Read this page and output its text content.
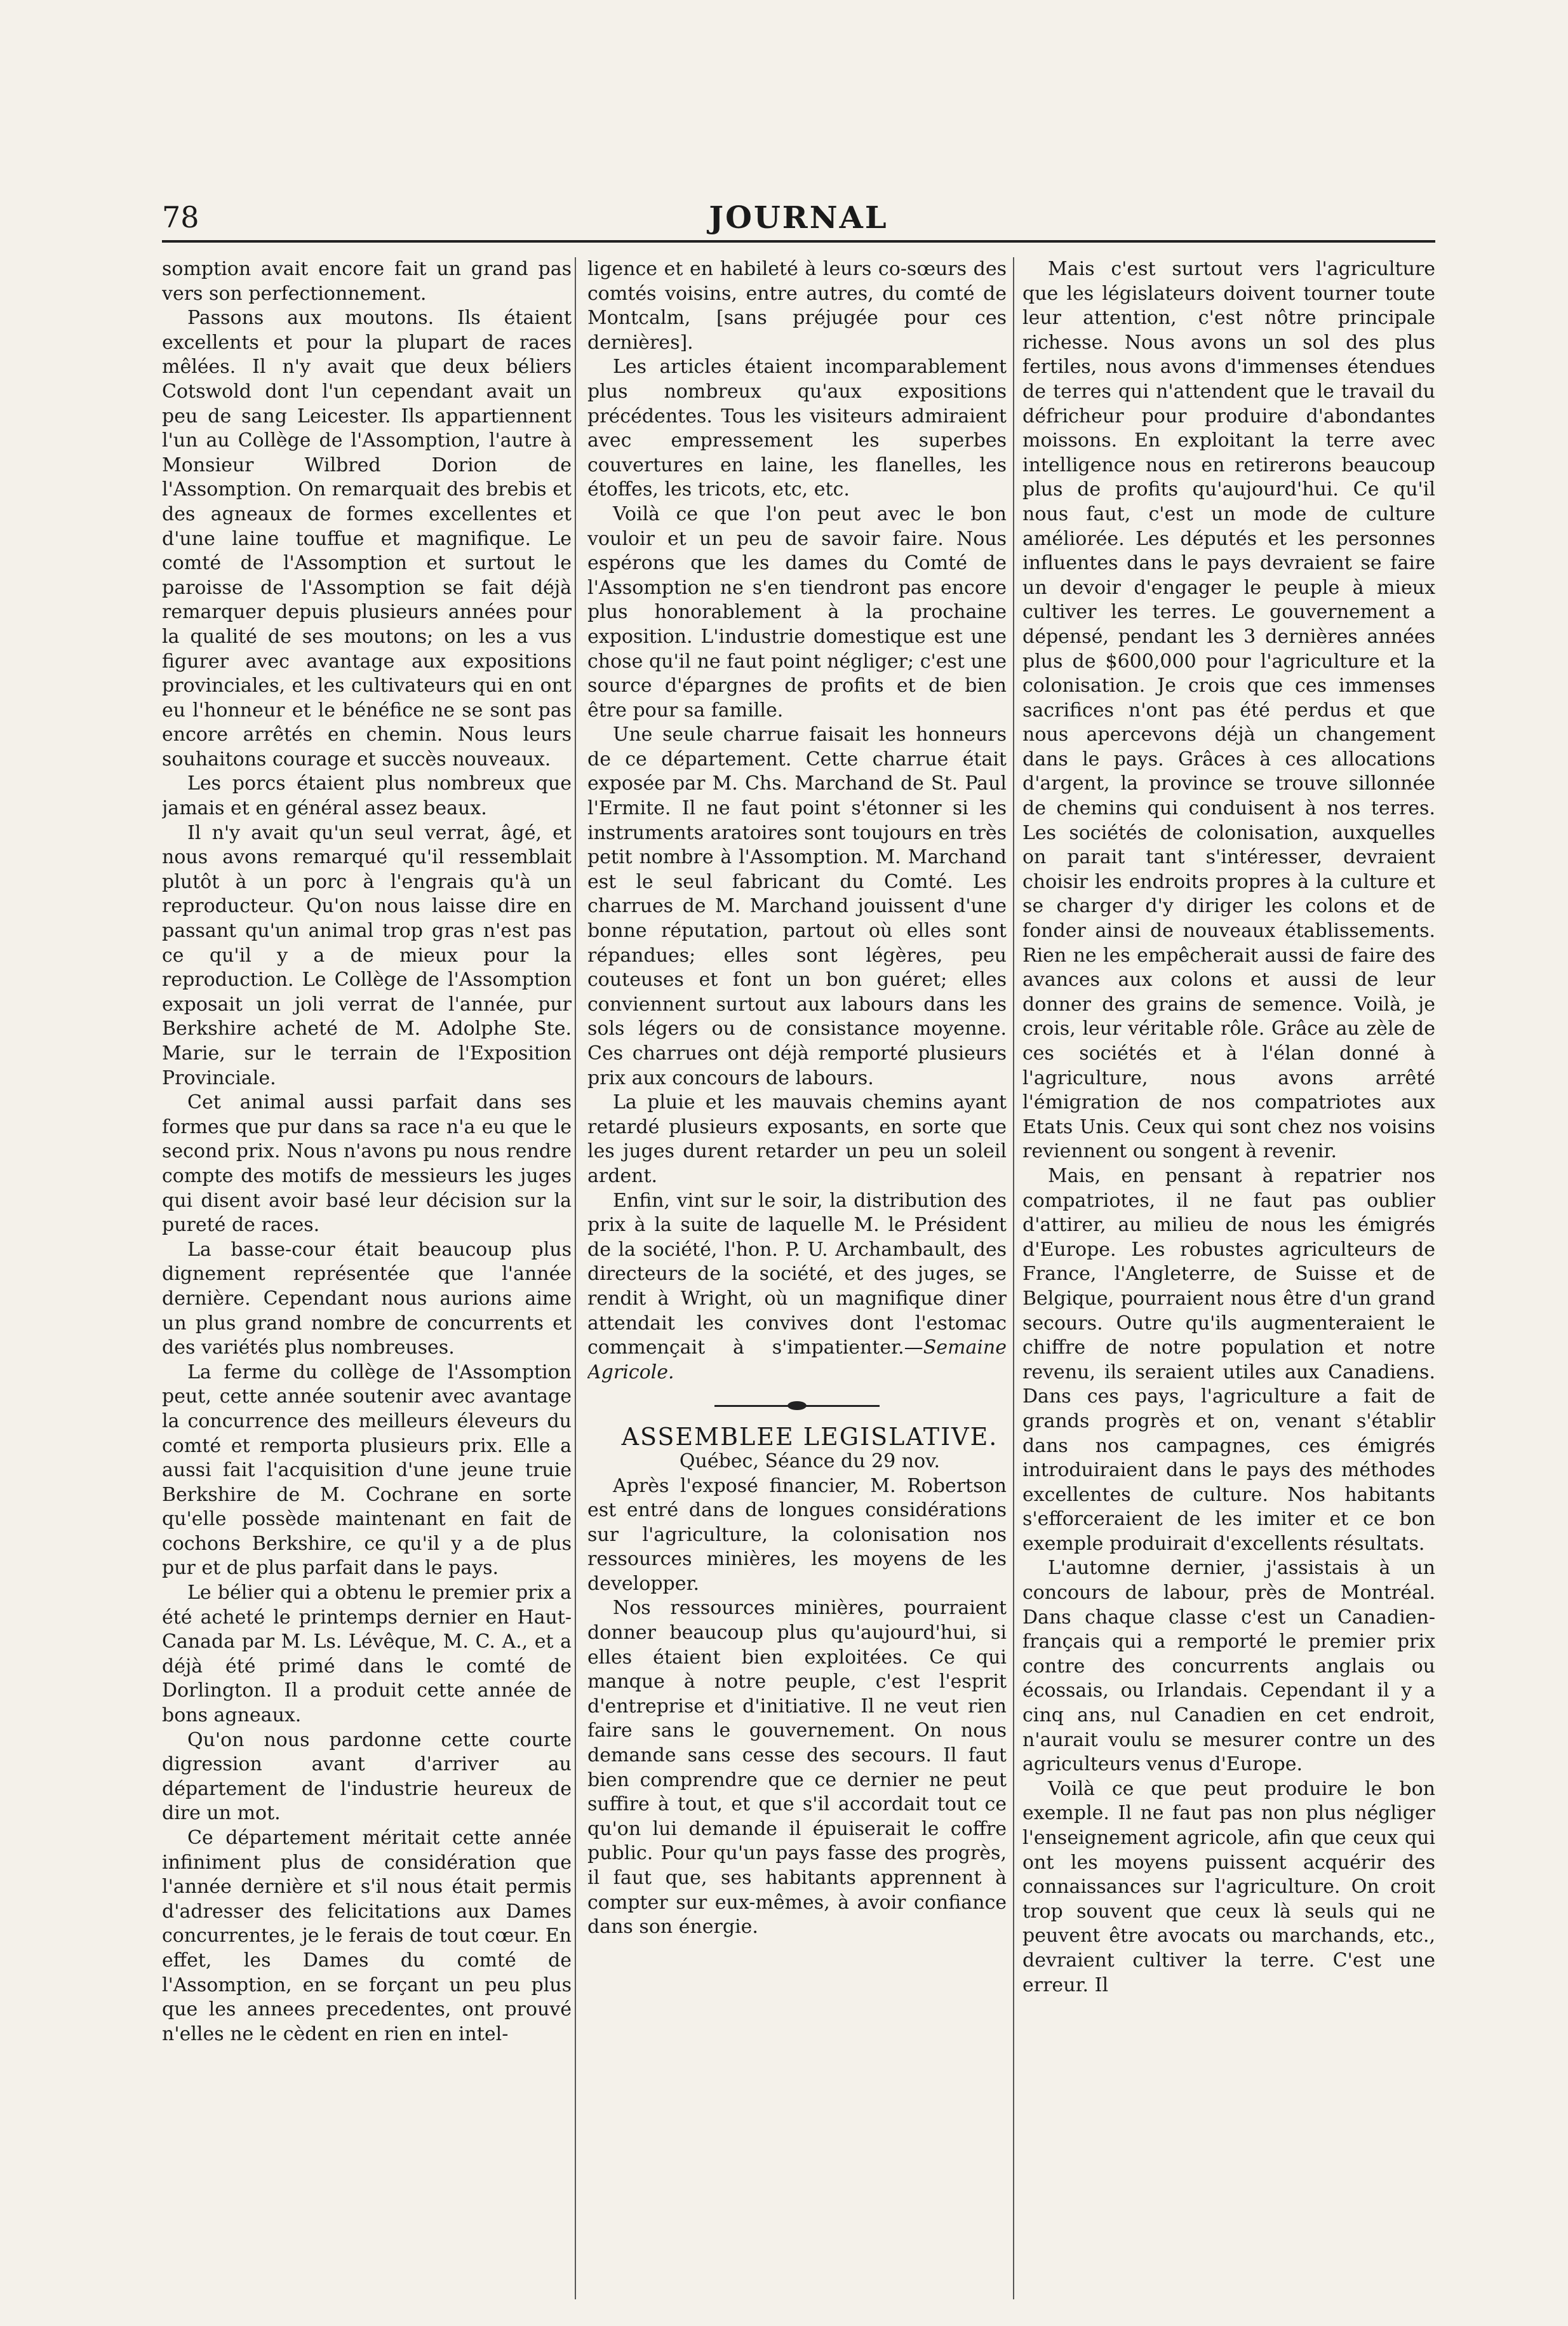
78	JOURNAL

somption avait encore fait un grand pas vers son perfectionnement.

Passons aux moutons. Ils étaient excellents et pour la plupart de races mêlées. Il n'y avait que deux béliers Cotswold dont l'un cependant avait un peu de sang Leicester. Ils appartiennent l'un au Collège de l'Assomption, l'autre à Monsieur Wilbred Dorion de l'Assomption. On remarquait des brebis et des agneaux de formes excellentes et d'une laine touffue et magnifique. Le comté de l'Assomption et surtout le paroisse de l'Assomption se fait déjà remarquer depuis plusieurs années pour la qualité de ses moutons; on les a vus figurer avec avantage aux expositions provinciales, et les cultivateurs qui en ont eu l'honneur et le bénéfice ne se sont pas encore arrêtés en chemin. Nous leurs souhaitons courage et succès nouveaux.

Les porcs étaient plus nombreux que jamais et en général assez beaux.

Il n'y avait qu'un seul verrat, âgé, et nous avons remarqué qu'il ressemblait plutôt à un porc à l'engrais qu'à un reproducteur. Qu'on nous laisse dire en passant qu'un animal trop gras n'est pas ce qu'il y a de mieux pour la reproduction. Le Collège de l'Assomption exposait un joli verrat de l'année, pur Berkshire acheté de M. Adolphe Ste. Marie, sur le terrain de l'Exposition Provinciale.

Cet animal aussi parfait dans ses formes que pur dans sa race n'a eu que le second prix. Nous n'avons pu nous rendre compte des motifs de messieurs les juges qui disent avoir basé leur décision sur la pureté de races.

La basse-cour était beaucoup plus dignement représentée que l'année dernière. Cependant nous aurions aime un plus grand nombre de concurrents et des variétés plus nombreuses.

La ferme du collège de l'Assomption peut, cette année soutenir avec avantage la concurrence des meilleurs éleveurs du comté et remporta plusieurs prix. Elle a aussi fait l'acquisition d'une jeune truie Berkshire de M. Cochrane en sorte qu'elle possède maintenant en fait de cochons Berkshire, ce qu'il y a de plus pur et de plus parfait dans le pays.

Le bélier qui a obtenu le premier prix a été acheté le printemps dernier en Haut-Canada par M. Ls. Lévêque, M. C. A., et a déjà été primé dans le comté de Dorlington. Il a produit cette année de bons agneaux.

Qu'on nous pardonne cette courte digression avant d'arriver au département de l'industrie heureux de dire un mot.

Ce département méritait cette année infiniment plus de considération que l'année dernière et s'il nous était permis d'adresser des felicitations aux Dames concurrentes, je le ferais de tout cœur. En effet, les Dames du comté de l'Assomption, en se forçant un peu plus que les annees precedentes, ont prouvé n'elles ne le cèdent en rien en intel-

ligence et en habileté à leurs co-sœurs des comtés voisins, entre autres, du comté de Montcalm, [sans préjugée pour ces dernières].

Les articles étaient incomparablement plus nombreux qu'aux expositions précédentes. Tous les visiteurs admiraient avec empressement les superbes couvertures en laine, les flanelles, les étoffes, les tricots, etc, etc.

Voilà ce que l'on peut avec le bon vouloir et un peu de savoir faire. Nous espérons que les dames du Comté de l'Assomption ne s'en tiendront pas encore plus honorablement à la prochaine exposition. L'industrie domestique est une chose qu'il ne faut point négliger; c'est une source d'épargnes de profits et de bien être pour sa famille.

Une seule charrue faisait les honneurs de ce département. Cette charrue était exposée par M. Chs. Marchand de St. Paul l'Ermite. Il ne faut point s'étonner si les instruments aratoires sont toujours en très petit nombre à l'Assomption. M. Marchand est le seul fabricant du Comté. Les charrues de M. Marchand jouissent d'une bonne réputation, partout où elles sont répandues; elles sont légères, peu couteuses et font un bon guéret; elles conviennent surtout aux labours dans les sols légers ou de consistance moyenne. Ces charrues ont déjà remporté plusieurs prix aux concours de labours.

La pluie et les mauvais chemins ayant retardé plusieurs exposants, en sorte que les juges durent retarder un peu un soleil ardent.

Enfin, vint sur le soir, la distribution des prix à la suite de laquelle M. le Président de la société, l'hon. P. U. Archambault, des directeurs de la société, et des juges, se rendit à Wright, où un magnifique diner attendait les convives dont l'estomac commençait à s'impatienter.—Semaine Agricole.

ASSEMBLEE LEGISLATIVE.

Québec, Séance du 29 nov.

Après l'exposé financier, M. Robertson est entré dans de longues considérations sur l'agriculture, la colonisation nos ressources minières, les moyens de les developper.

Nos ressources minières, pourraient donner beaucoup plus qu'aujourd'hui, si elles étaient bien exploitées. Ce qui manque à notre peuple, c'est l'esprit d'entreprise et d'initiative. Il ne veut rien faire sans le gouvernement. On nous demande sans cesse des secours. Il faut bien comprendre que ce dernier ne peut suffire à tout, et que s'il accordait tout ce qu'on lui demande il épuiserait le coffre public. Pour qu'un pays fasse des progrès, il faut que, ses habitants apprennent à compter sur eux-mêmes, à avoir confiance dans son énergie.

Mais c'est surtout vers l'agriculture que les législateurs doivent tourner toute leur attention, c'est nôtre principale richesse. Nous avons un sol des plus fertiles, nous avons d'immenses étendues de terres qui n'attendent que le travail du défricheur pour produire d'abondantes moissons. En exploitant la terre avec intelligence nous en retirerons beaucoup plus de profits qu'aujourd'hui. Ce qu'il nous faut, c'est un mode de culture améliorée. Les députés et les personnes influentes dans le pays devraient se faire un devoir d'engager le peuple à mieux cultiver les terres. Le gouvernement a dépensé, pendant les 3 dernières années plus de $600,000 pour l'agriculture et la colonisation. Je crois que ces immenses sacrifices n'ont pas été perdus et que nous apercevons déjà un changement dans le pays. Grâces à ces allocations d'argent, la province se trouve sillonnée de chemins qui conduisent à nos terres. Les sociétés de colonisation, auxquelles on parait tant s'intéresser, devraient choisir les endroits propres à la culture et se charger d'y diriger les colons et de fonder ainsi de nouveaux établissements. Rien ne les empêcherait aussi de faire des avances aux colons et aussi de leur donner des grains de semence. Voilà, je crois, leur véritable rôle. Grâce au zèle de ces sociétés et à l'élan donné à l'agriculture, nous avons arrêté l'émigration de nos compatriotes aux Etats Unis. Ceux qui sont chez nos voisins reviennent ou songent à revenir.

Mais, en pensant à repatrier nos compatriotes, il ne faut pas oublier d'attirer, au milieu de nous les émigrés d'Europe. Les robustes agriculteurs de France, l'Angleterre, de Suisse et de Belgique, pourraient nous être d'un grand secours. Outre qu'ils augmenteraient le chiffre de notre population et notre revenu, ils seraient utiles aux Canadiens. Dans ces pays, l'agriculture a fait de grands progrès et on, venant s'établir dans nos campagnes, ces émigrés introduiraient dans le pays des méthodes excellentes de culture. Nos habitants s'efforceraient de les imiter et ce bon exemple produirait d'excellents résultats.

L'automne dernier, j'assistais à un concours de labour, près de Montréal. Dans chaque classe c'est un Canadien-français qui a remporté le premier prix contre des concurrents anglais ou écossais, ou Irlandais. Cependant il y a cinq ans, nul Canadien en cet endroit, n'aurait voulu se mesurer contre un des agriculteurs venus d'Europe.

Voilà ce que peut produire le bon exemple. Il ne faut pas non plus négliger l'enseignement agricole, afin que ceux qui ont les moyens puissent acquérir des connaissances sur l'agriculture. On croit trop souvent que ceux là seuls qui ne peuvent être avocats ou marchands, etc., devraient cultiver la terre. C'est une erreur. Il
